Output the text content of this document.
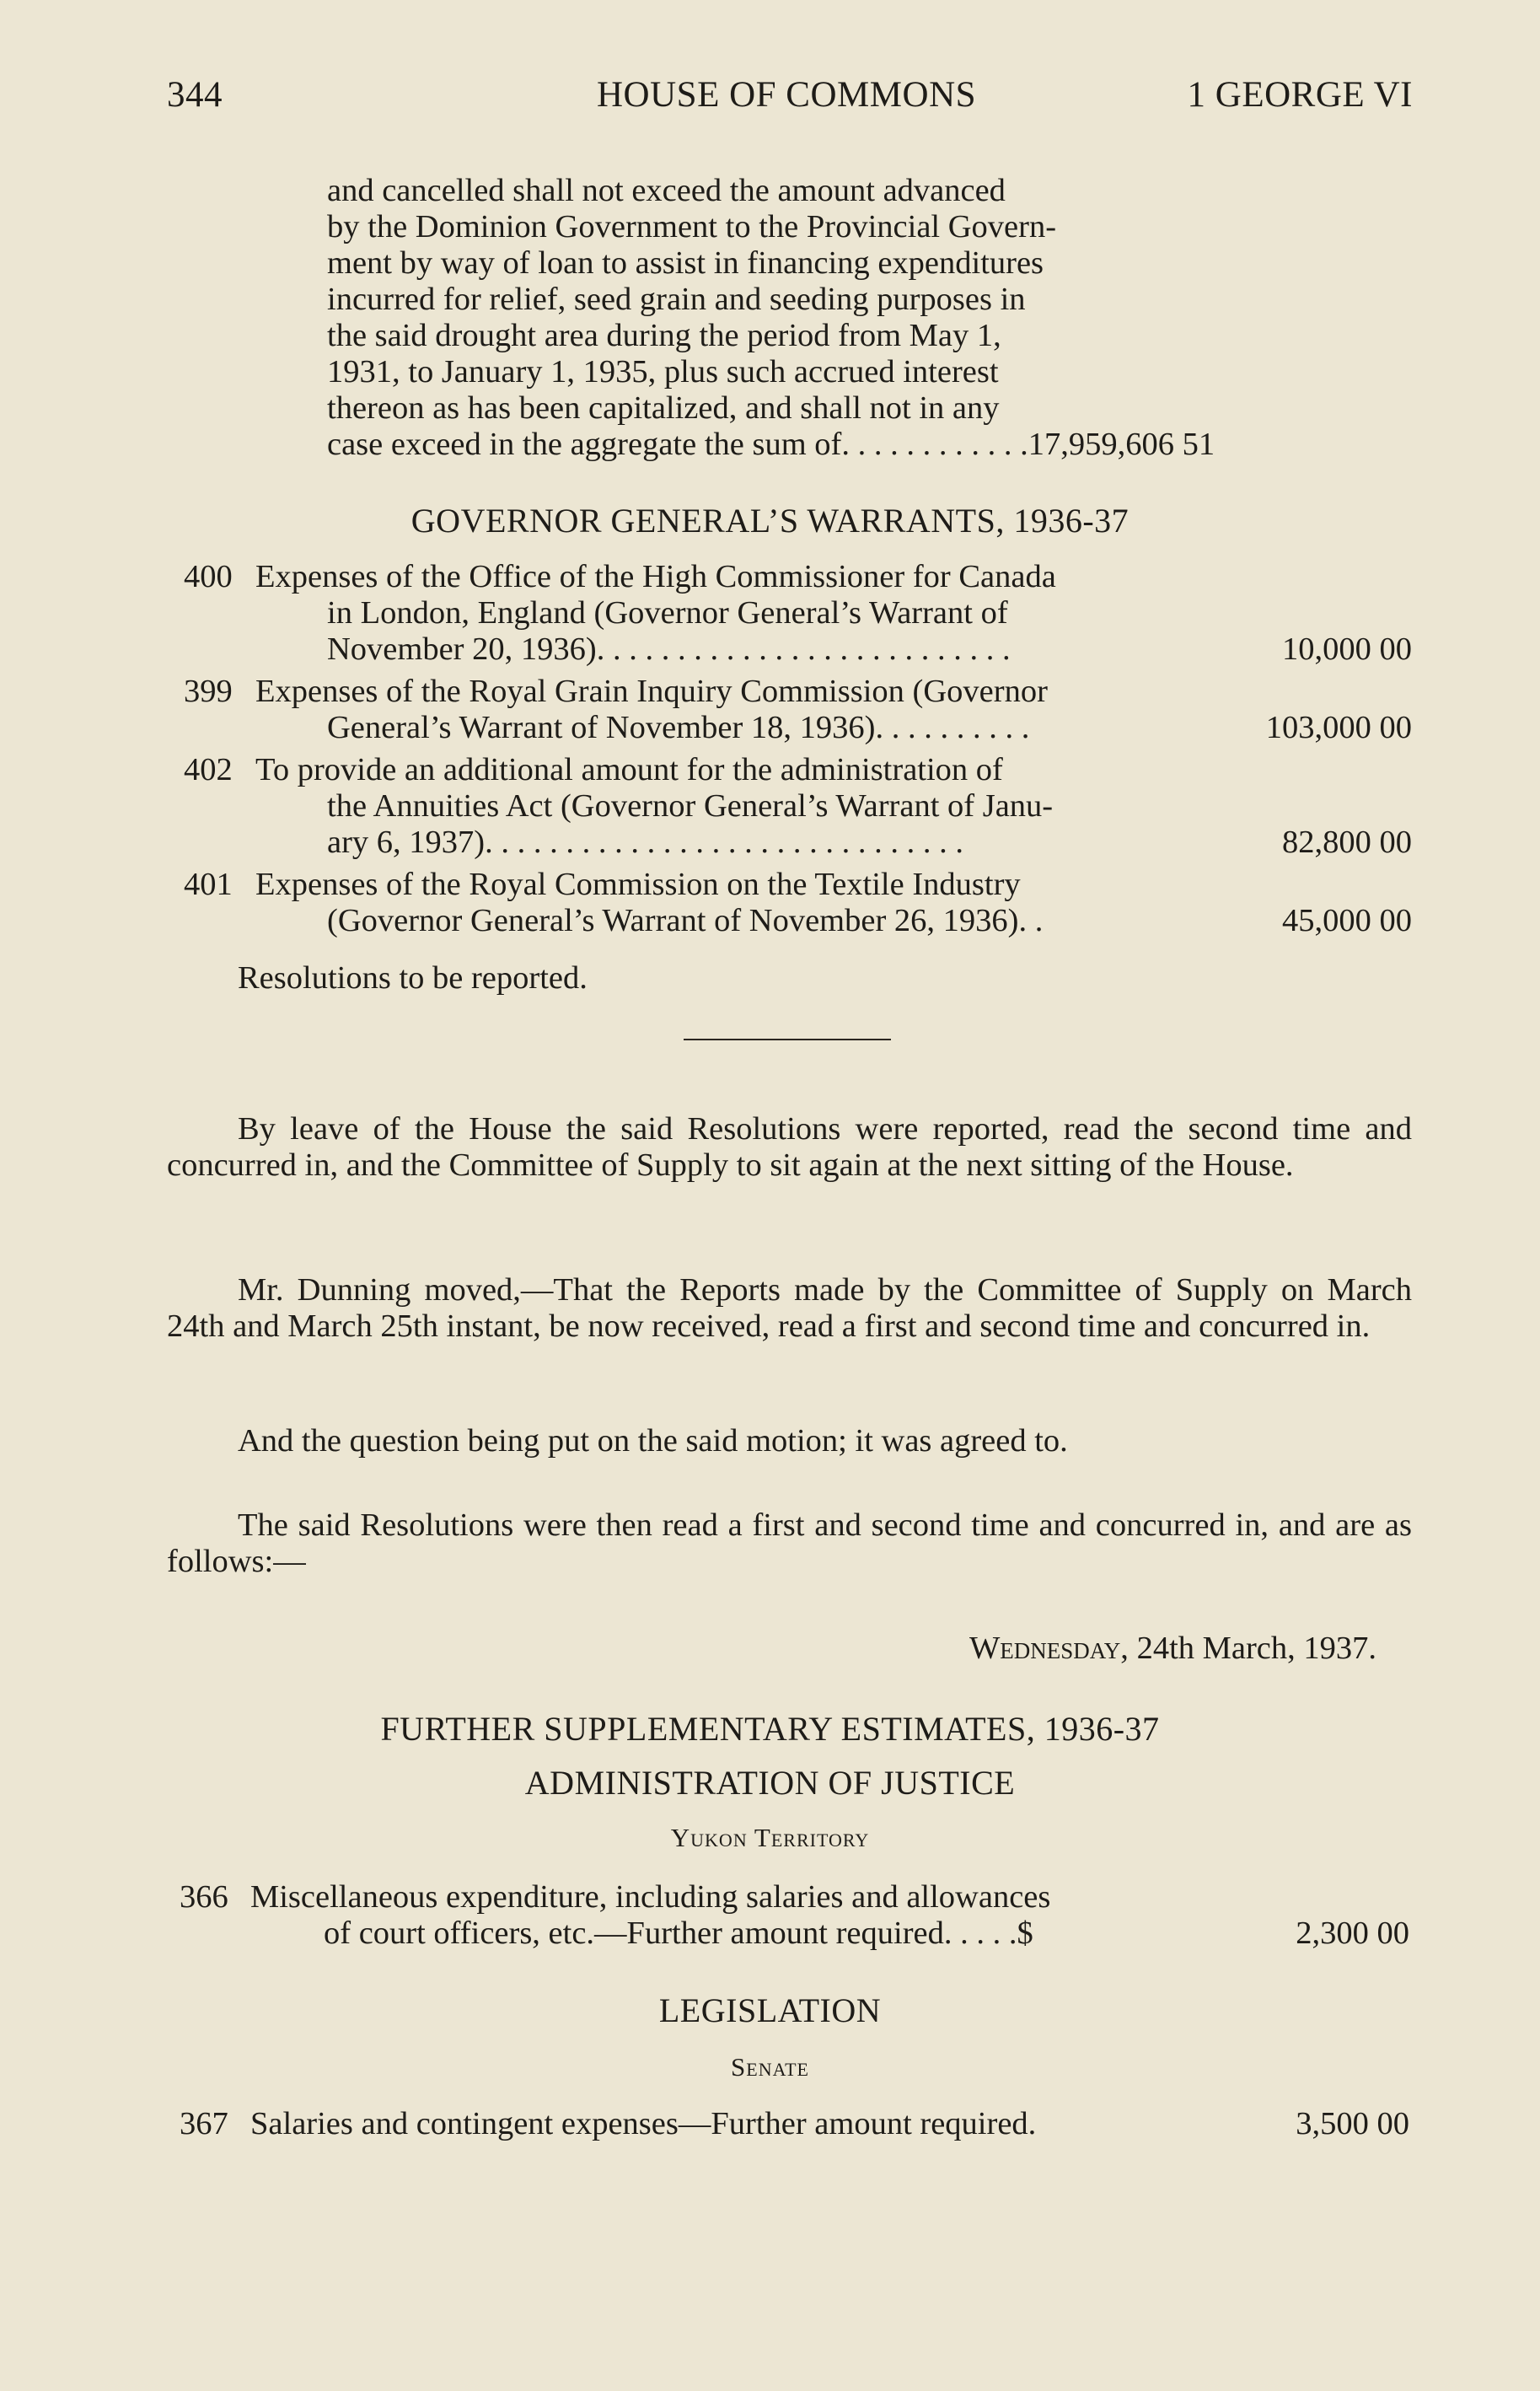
344	HOUSE OF COMMONS	1 GEORGE VI
and cancelled shall not exceed the amount advanced
by the Dominion Government to the Provincial Govern-
ment by way of loan to assist in financing expenditures
incurred for relief, seed grain and seeding purposes in
the said drought area during the period from May 1,
1931, to January 1, 1935, plus such accrued interest
thereon as has been capitalized, and shall not in any
case exceed in the aggregate the sum of. . . . . . . . . . . .17,959,606 51
GOVERNOR GENERAL’S WARRANTS, 1936-37
400 Expenses of the Office of the High Commissioner for Canada
in London, England (Governor General’s Warrant of
November 20, 1936). . . . . . . . . . . . . . . . . . . . . . . . . .	10,000 00
399 Expenses of the Royal Grain Inquiry Commission (Governor
General’s Warrant of November 18, 1936). . . . . . . . . .	103,000 00
402 To provide an additional amount for the administration of
the Annuities Act (Governor General’s Warrant of Janu-
ary 6, 1937). . . . . . . . . . . . . . . . . . . . . . . . . . . . . .	82,800 00
401 Expenses of the Royal Commission on the Textile Industry
(Governor General’s Warrant of November 26, 1936). .	45,000 00
Resolutions to be reported.
By leave of the House the said Resolutions were reported, read the second time and concurred in, and the Committee of Supply to sit again at the next sitting of the House.
Mr. Dunning moved,—That the Reports made by the Committee of Supply on March 24th and March 25th instant, be now received, read a first and second time and concurred in.
And the question being put on the said motion; it was agreed to.
The said Resolutions were then read a first and second time and concurred in, and are as follows:—
Wednesday, 24th March, 1937.
FURTHER SUPPLEMENTARY ESTIMATES, 1936-37
ADMINISTRATION OF JUSTICE
Yukon Territory
366 Miscellaneous expenditure, including salaries and allowances
of court officers, etc.—Further amount required. . . . .$	2,300 00
LEGISLATION
Senate
367 Salaries and contingent expenses—Further amount required.	3,500 00
